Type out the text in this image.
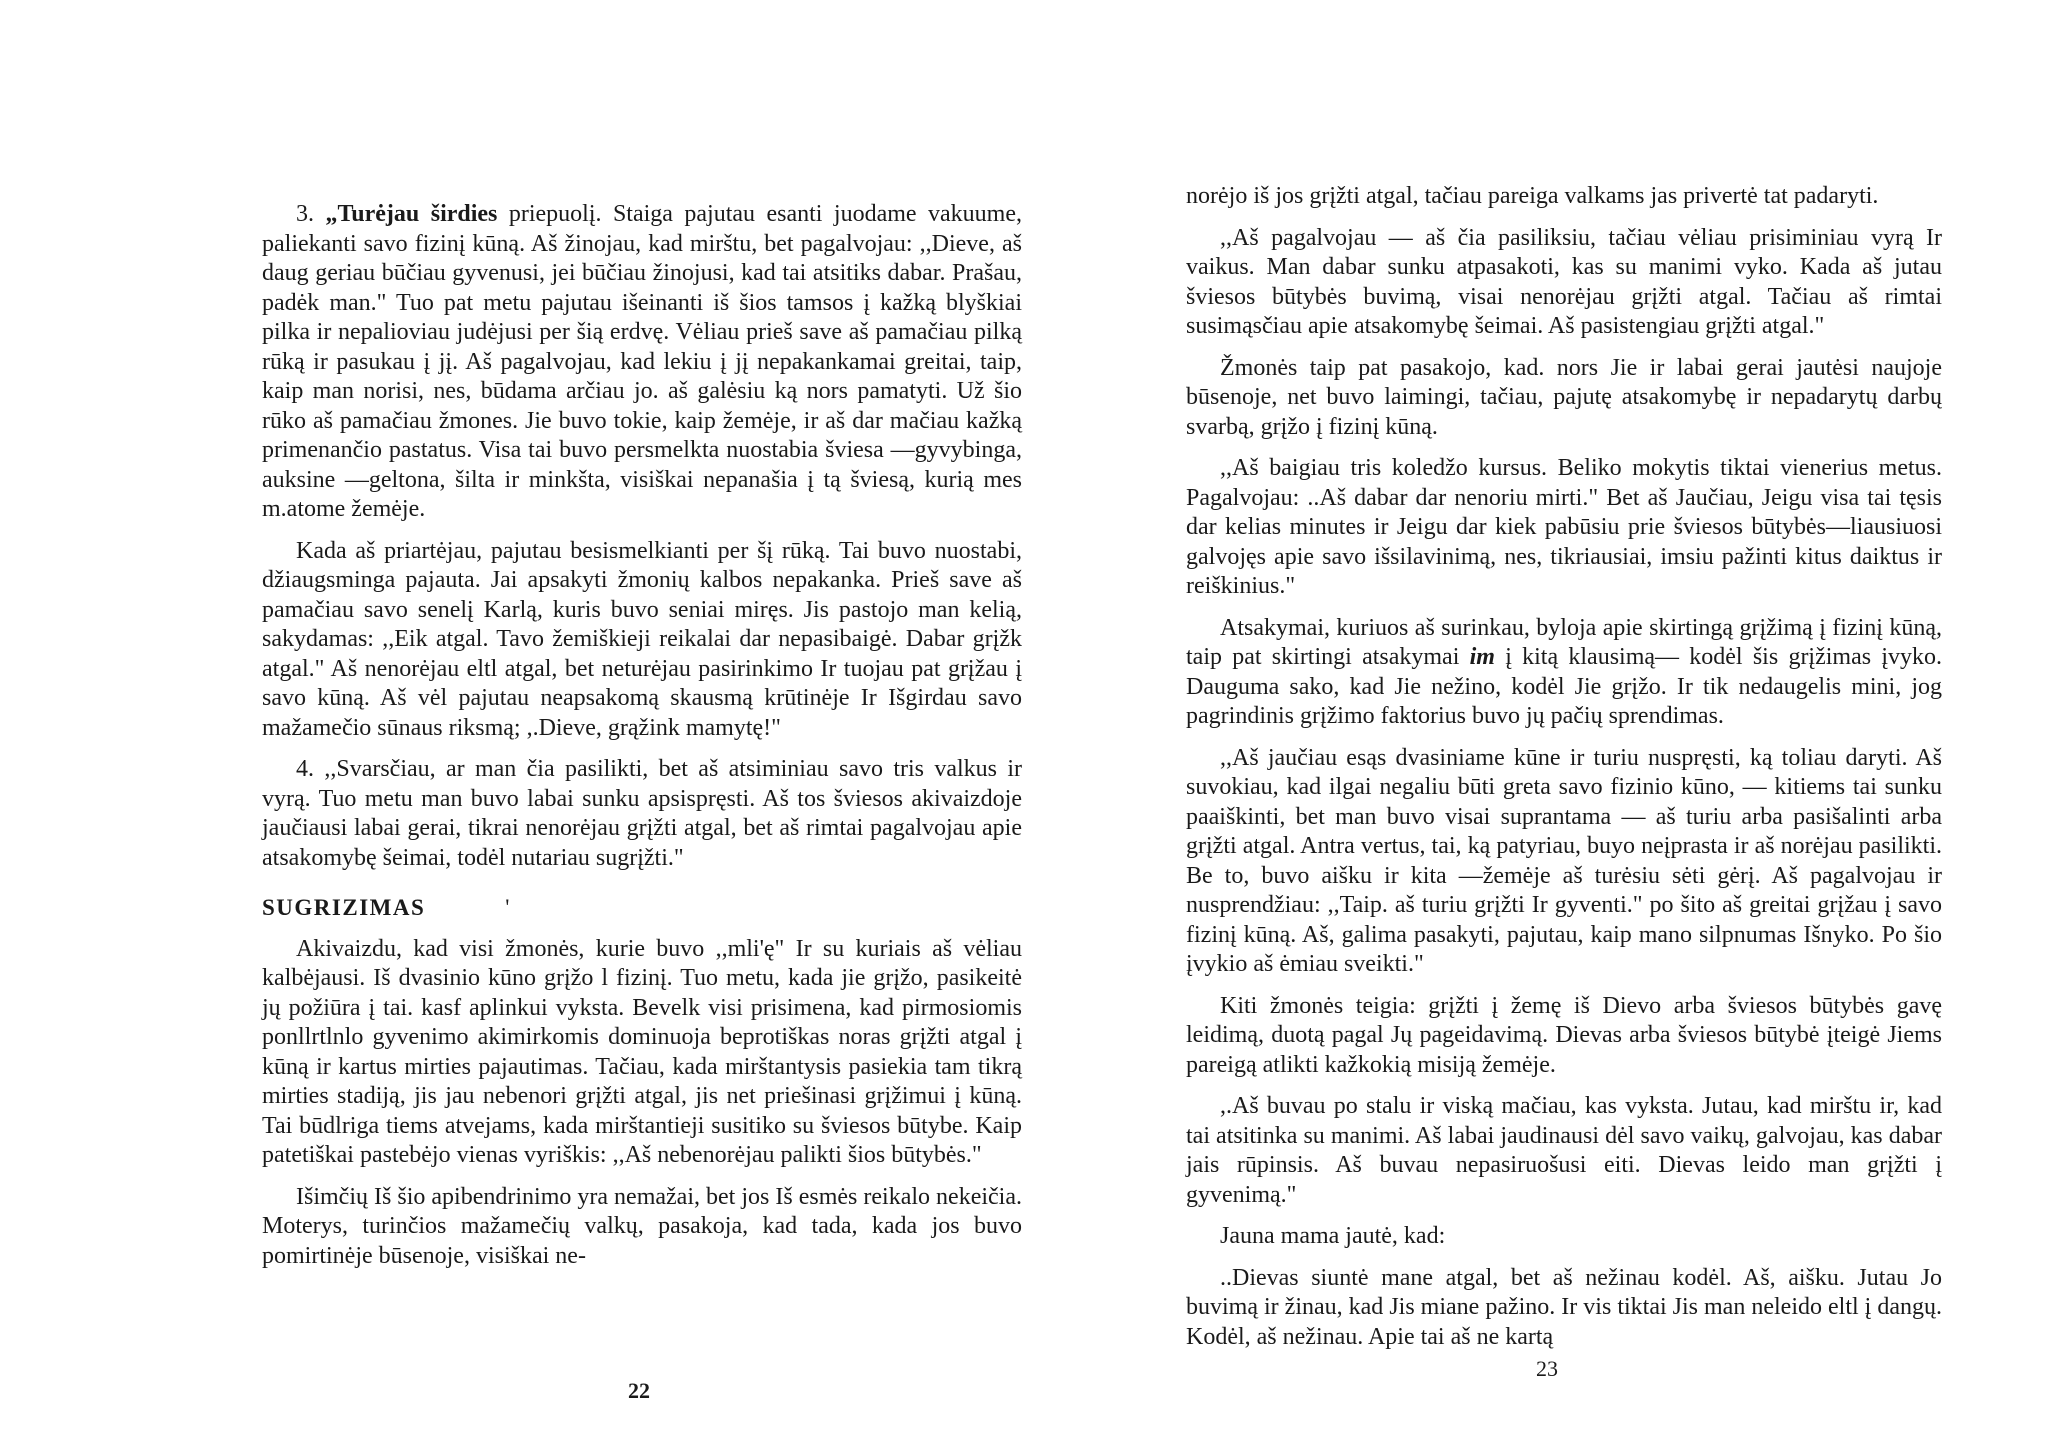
3. „Turėjau širdies priepuolį. Staiga pajutau esanti juodame vakuume, paliekanti savo fizinį kūną. Aš žinojau, kad mirštu, bet pagalvojau: ,,Dieve, aš daug geriau būčiau gyvenusi, jei būčiau žinojusi, kad tai atsitiks dabar. Prašau, padėk man." Tuo pat metu pajutau išeinanti iš šios tamsos į kažką blyškiai pilka ir nepalioviau judėjusi per šią erdvę. Vėliau prieš save aš pamačiau pilką rūką ir pasukau į jį. Aš pagalvojau, kad lekiu į jį nepakankamai greitai, taip, kaip man norisi, nes, būdama arčiau jo. aš galėsiu ką nors pamatyti. Už šio rūko aš pamačiau žmones. Jie buvo tokie, kaip žemėje, ir aš dar mačiau kažką primenančio pastatus. Visa tai buvo persmelkta nuostabia šviesa —gyvybinga, auksine —geltona, šilta ir minkšta, visiškai nepanašia į tą šviesą, kurią mes m.atome žemėje.

Kada aš priartėjau, pajutau besismelkianti per šį rūką. Tai buvo nuostabi, džiaugsminga pajauta. Jai apsakyti žmonių kalbos nepakanka. Prieš save aš pamačiau savo senelį Karlą, kuris buvo seniai miręs. Jis pastojo man kelią, sakydamas: ,,Eik atgal. Tavo žemiškieji reikalai dar nepasibaigė. Dabar grįžk atgal." Aš nenorėjau eltl atgal, bet neturėjau pasirinkimo Ir tuojau pat grįžau į savo kūną. Aš vėl pajutau neapsakomą skausmą krūtinėje Ir Išgirdau savo mažamečio sūnaus riksmą; ,.Dieve, grąžink mamytę!"

4. ,,Svarsčiau, ar man čia pasilikti, bet aš atsiminiau savo tris valkus ir vyrą. Tuo metu man buvo labai sunku apsispręsti. Aš tos šviesos akivaizdoje jaučiausi labai gerai, tikrai nenorėjau grįžti atgal, bet aš rimtai pagalvojau apie atsakomybę šeimai, todėl nutariau sugrįžti."

SUGRIZIMAS	'

Akivaizdu, kad visi žmonės, kurie buvo ,,mli'ę" Ir su kuriais aš vėliau kalbėjausi. Iš dvasinio kūno grįžo l fizinį. Tuo metu, kada jie grįžo, pasikeitė jų požiūra į tai. kasf aplinkui vyksta. Bevelk visi prisimena, kad pirmosiomis ponllrtlnlo gyvenimo akimirkomis dominuoja beprotiškas noras grįžti atgal į kūną ir kartus mirties pajautimas. Tačiau, kada mirštantysis pasiekia tam tikrą mirties stadiją, jis jau nebenori grįžti atgal, jis net priešinasi grįžimui į kūną. Tai būdlriga tiems atvejams, kada mirštantieji susitiko su šviesos būtybe. Kaip patetiškai pastebėjo vienas vyriškis: ,,Aš nebenorėjau palikti šios būtybės."

Išimčių Iš šio apibendrinimo yra nemažai, bet jos Iš esmės reikalo nekeičia. Moterys, turinčios mažamečių valkų, pasakoja, kad tada, kada jos buvo pomirtinėje būsenoje, visiškai ne-

22

norėjo iš jos grįžti atgal, tačiau pareiga valkams jas privertė tat padaryti.

,,Aš pagalvojau — aš čia pasiliksiu, tačiau vėliau prisiminiau vyrą Ir vaikus. Man dabar sunku atpasakoti, kas su manimi vyko. Kada aš jutau šviesos būtybės buvimą, visai nenorėjau grįžti atgal. Tačiau aš rimtai susimąsčiau apie atsakomybę šeimai. Aš pasistengiau grįžti atgal."

Žmonės taip pat pasakojo, kad. nors Jie ir labai gerai jautėsi naujoje būsenoje, net buvo laimingi, tačiau, pajutę atsakomybę ir nepadarytų darbų svarbą, grįžo į fizinį kūną.

,,Aš baigiau tris koledžo kursus. Beliko mokytis tiktai vienerius metus. Pagalvojau: ..Aš dabar dar nenoriu mirti." Bet aš Jaučiau, Jeigu visa tai tęsis dar kelias minutes ir Jeigu dar kiek pabūsiu prie šviesos būtybės—liausiuosi galvojęs apie savo išsilavinimą, nes, tikriausiai, imsiu pažinti kitus daiktus ir reiškinius."

Atsakymai, kuriuos aš surinkau, byloja apie skirtingą grįžimą į fizinį kūną, taip pat skirtingi atsakymai im į kitą klausimą— kodėl šis grįžimas įvyko. Dauguma sako, kad Jie nežino, kodėl Jie grįžo. Ir tik nedaugelis mini, jog pagrindinis grįžimo faktorius buvo jų pačių sprendimas.

,,Aš jaučiau esąs dvasiniame kūne ir turiu nuspręsti, ką toliau daryti. Aš suvokiau, kad ilgai negaliu būti greta savo fizinio kūno, — kitiems tai sunku paaiškinti, bet man buvo visai suprantama — aš turiu arba pasišalinti arba grįžti atgal. Antra vertus, tai, ką patyriau, buyo neįprasta ir aš norėjau pasilikti. Be to, buvo aišku ir kita —žemėje aš turėsiu sėti gėrį. Aš pagalvojau ir nusprendžiau: ,,Taip. aš turiu grįžti Ir gyventi." po šito aš greitai grįžau į savo fizinį kūną. Aš, galima pasakyti, pajutau, kaip mano silpnumas Išnyko. Po šio įvykio aš ėmiau sveikti."

Kiti žmonės teigia: grįžti į žemę iš Dievo arba šviesos būtybės gavę leidimą, duotą pagal Jų pageidavimą. Dievas arba šviesos būtybė įteigė Jiems pareigą atlikti kažkokią misiją žemėje.

,.Aš buvau po stalu ir viską mačiau, kas vyksta. Jutau, kad mirštu ir, kad tai atsitinka su manimi. Aš labai jaudinausi dėl savo vaikų, galvojau, kas dabar jais rūpinsis. Aš buvau nepasiruošusi eiti. Dievas leido man grįžti į gyvenimą."

Jauna mama jautė, kad:

..Dievas siuntė mane atgal, bet aš nežinau kodėl. Aš, aišku. Jutau Jo buvimą ir žinau, kad Jis miane pažino. Ir vis tiktai Jis man neleido eltl į dangų. Kodėl, aš nežinau. Apie tai aš ne kartą

23
